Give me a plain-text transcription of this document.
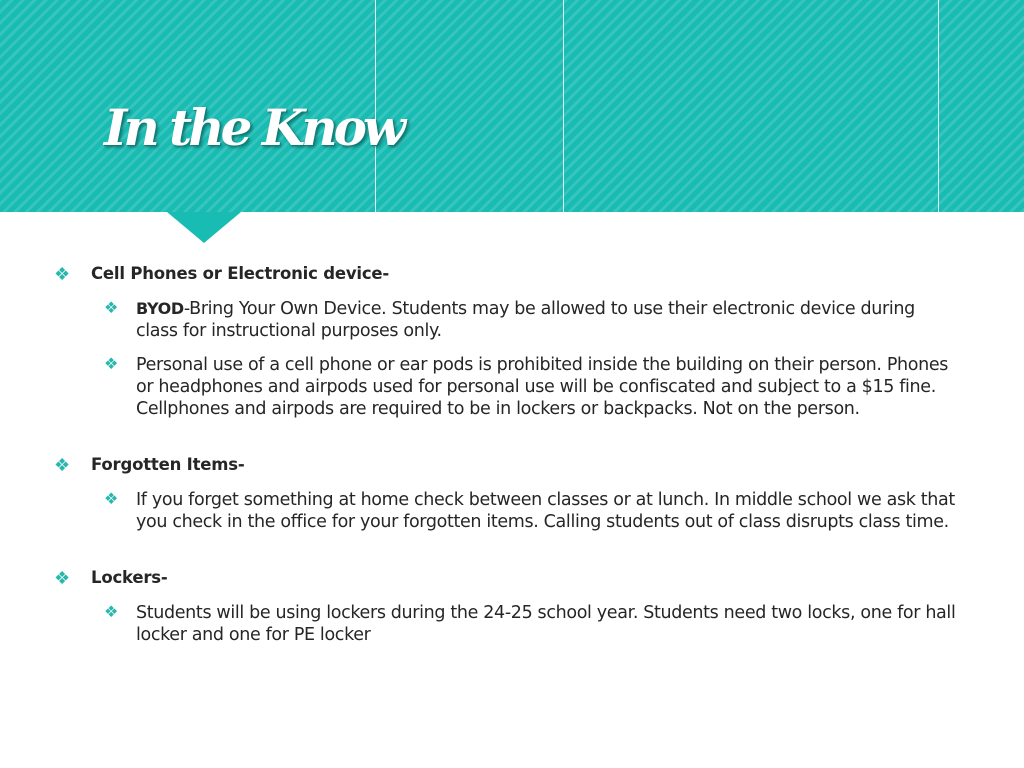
In the Know
❖ Cell Phones or Electronic device-
❖ BYOD-Bring Your Own Device. Students may be allowed to use their electronic device during class for instructional purposes only.
❖ Personal use of a cell phone or ear pods is prohibited inside the building on their person. Phones or headphones and airpods used for personal use will be confiscated and subject to a $15 fine. Cellphones and airpods are required to be in lockers or backpacks. Not on the person.
❖ Forgotten Items-
❖ If you forget something at home check between classes or at lunch. In middle school we ask that you check in the office for your forgotten items. Calling students out of class disrupts class time.
❖ Lockers-
❖ Students will be using lockers during the 24-25 school year. Students need two locks, one for hall locker and one for PE locker
